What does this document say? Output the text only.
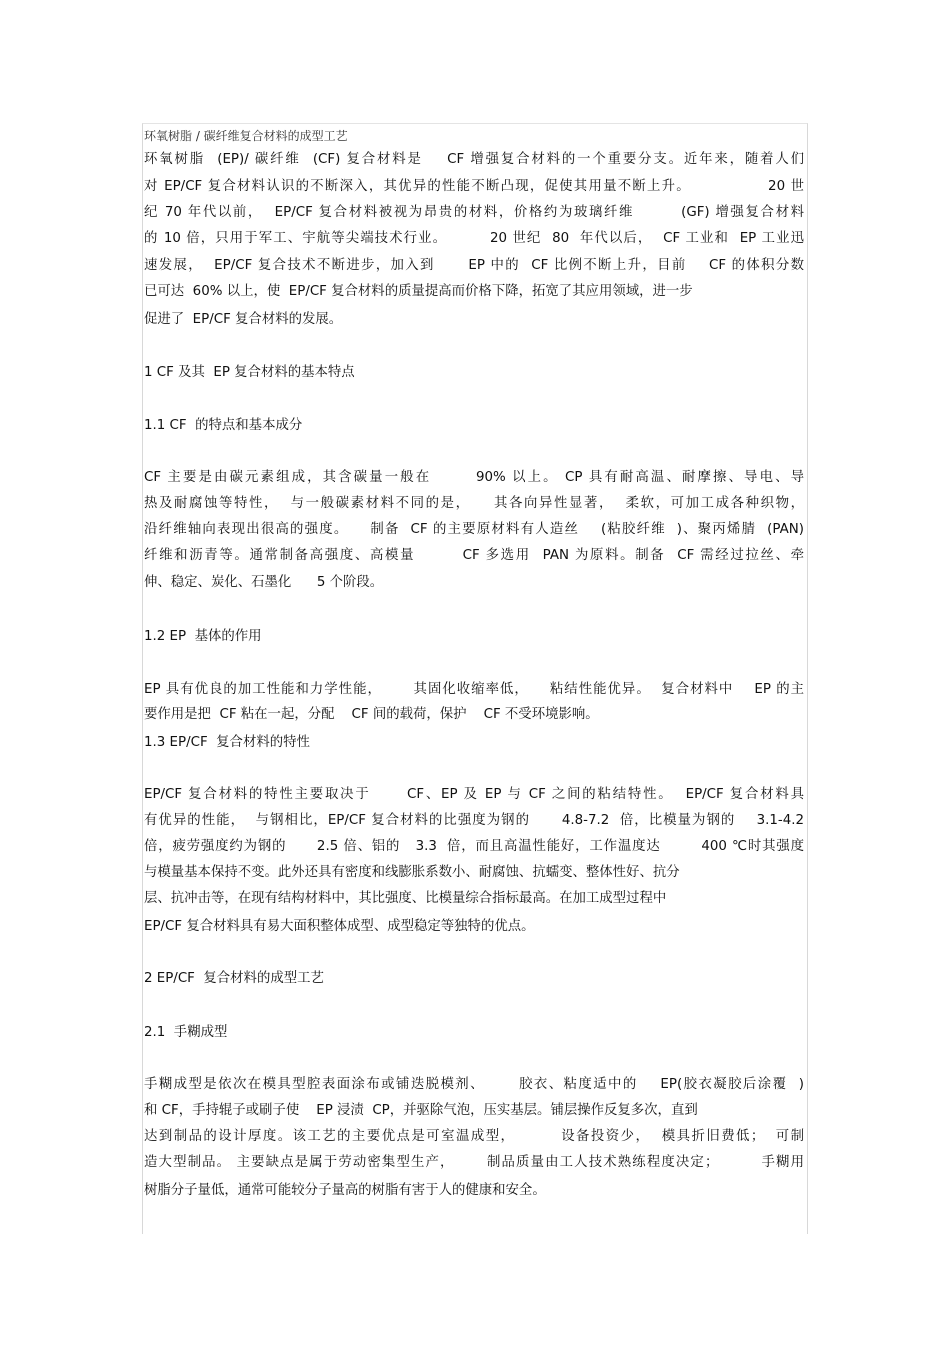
环氧树脂 / 碳纤维复合材料的成型工艺
环氧树脂  (EP)/ 碳纤维  (CF) 复合材料是    CF 增强复合材料的一个重要分支。近年来，随着人们
对 EP/CF 复合材料认识的不断深入，其优异的性能不断凸现，促使其用量不断上升。              20 世
纪 70 年代以前，  EP/CF 复合材料被视为昂贵的材料，价格约为玻璃纤维        (GF) 增强复合材料
的 10 倍，只用于军工、宇航等尖端技术行业。        20 世纪  80  年代以后，  CF 工业和  EP 工业迅
速发展，  EP/CF 复合技术不断进步，加入到      EP 中的  CF 比例不断上升，目前    CF 的体积分数
已可达  60% 以上，使  EP/CF 复合材料的质量提高而价格下降，拓宽了其应用领域，进一步
促进了  EP/CF 复合材料的发展。
1 CF 及其  EP 复合材料的基本特点
1.1 CF  的特点和基本成分
CF 主要是由碳元素组成，其含碳量一般在       90% 以上。 CP 具有耐高温、耐摩擦、导电、导
热及耐腐蚀等特性，  与一般碳素材料不同的是，    其各向异性显著，  柔软，可加工成各种织物，
沿纤维轴向表现出很高的强度。    制备  CF 的主要原材料有人造丝    (粘胶纤维  )、聚丙烯腈  (PAN)
纤维和沥青等。通常制备高强度、高模量        CF 多选用  PAN 为原料。制备  CF 需经过拉丝、牵
伸、稳定、炭化、石墨化      5 个阶段。
1.2 EP  基体的作用
EP 具有优良的加工性能和力学性能，      其固化收缩率低，    粘结性能优异。  复合材料中    EP 的主
要作用是把  CF 粘在一起，分配    CF 间的载荷，保护    CF 不受环境影响。
1.3 EP/CF  复合材料的特性
EP/CF 复合材料的特性主要取决于      CF、EP 及 EP 与 CF 之间的粘结特性。  EP/CF 复合材料具
有优异的性能，  与钢相比，EP/CF 复合材料的比强度为钢的      4.8-7.2  倍，比模量为钢的    3.1-4.2
倍，疲劳强度约为钢的      2.5 倍、铝的   3.3  倍，而且高温性能好，工作温度达        400 ℃时其强度
与模量基本保持不变。此外还具有密度和线膨胀系数小、耐腐蚀、抗蠕变、整体性好、抗分
层、抗冲击等，在现有结构材料中，其比强度、比模量综合指标最高。在加工成型过程中
EP/CF 复合材料具有易大面积整体成型、成型稳定等独特的优点。
2 EP/CF  复合材料的成型工艺
2.1  手糊成型
手糊成型是依次在模具型腔表面涂布或铺迭脱模剂、      胶衣、粘度适中的    EP(胶衣凝胶后涂覆  )
和 CF，手持辊子或刷子使    EP 浸渍  CP，并驱除气泡，压实基层。铺层操作反复多次，直到
达到制品的设计厚度。该工艺的主要优点是可室温成型，        设备投资少，  模具折旧费低；  可制
造大型制品。 主要缺点是属于劳动密集型生产，      制品质量由工人技术熟练程度决定；        手糊用
树脂分子量低，通常可能较分子量高的树脂有害于人的健康和安全。
